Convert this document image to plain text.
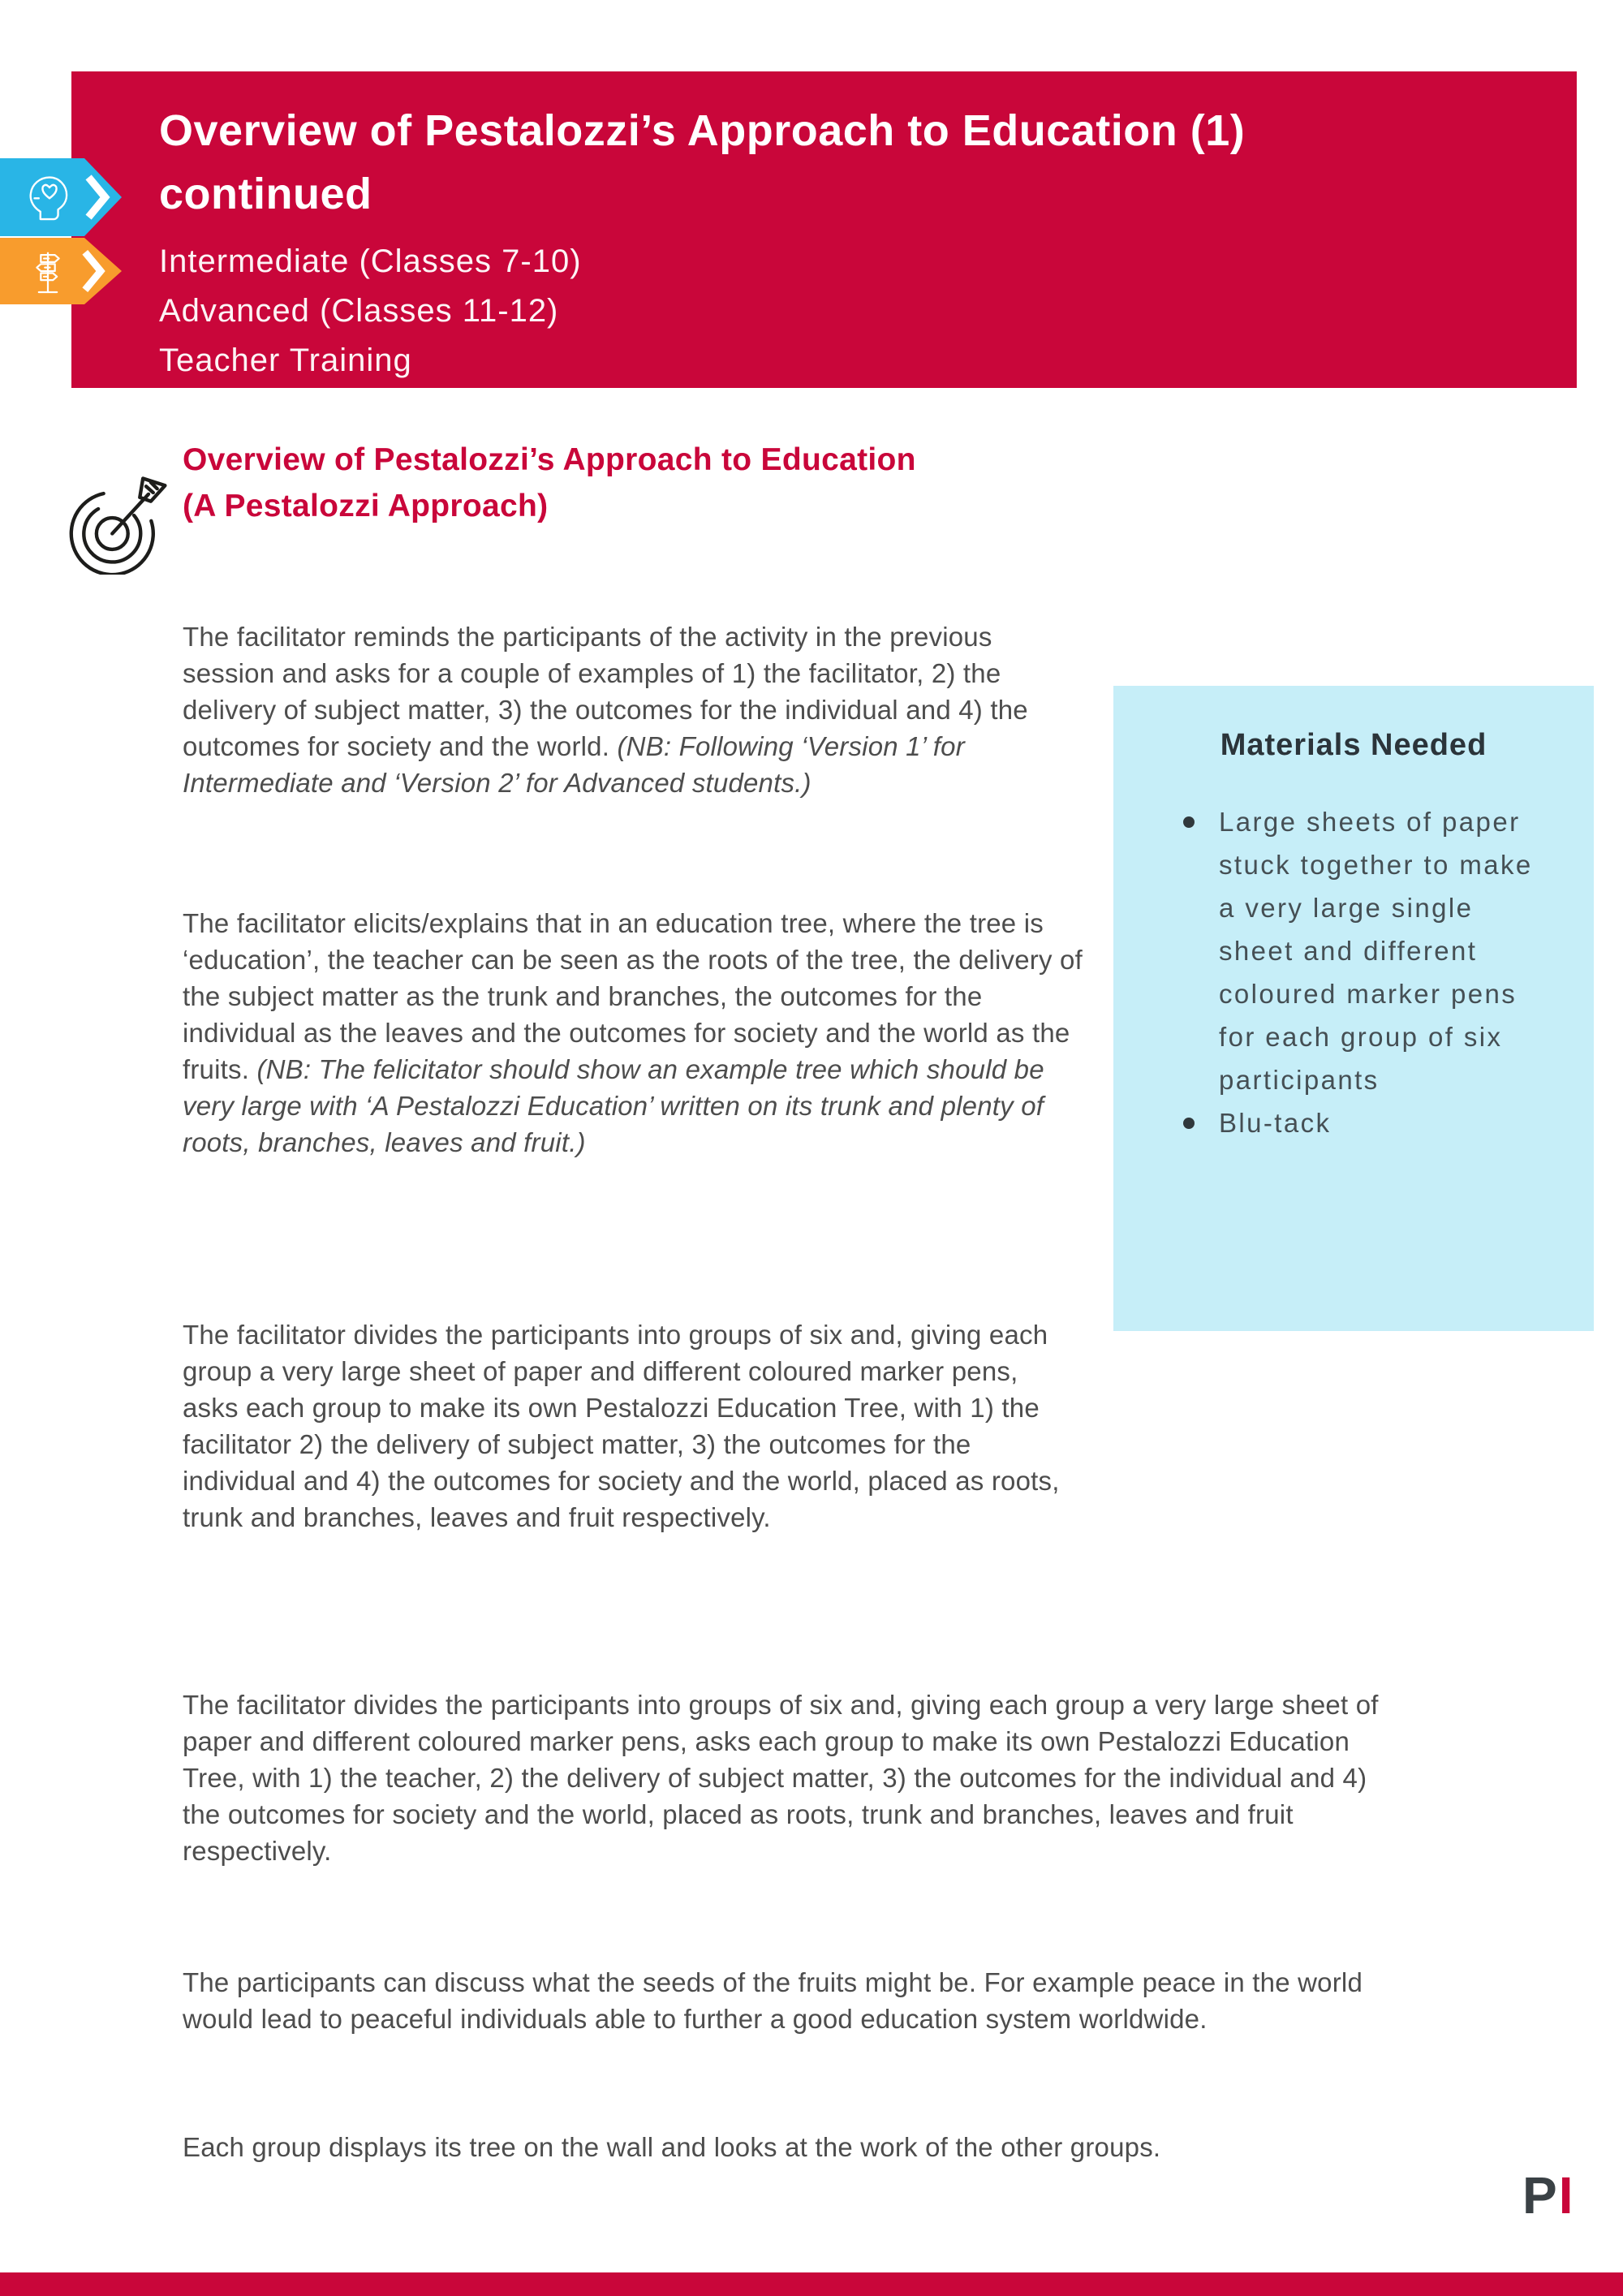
Overview of Pestalozzi’s Approach to Education (1)
continued
Intermediate (Classes 7-10)
Advanced (Classes 11-12)
Teacher Training
Overview of Pestalozzi’s Approach to Education
(A Pestalozzi Approach)
The facilitator reminds the participants of the activity in the previous session and asks for a couple of examples of 1) the facilitator, 2) the delivery of subject matter, 3) the outcomes for the individual and 4) the outcomes for society and the world. (NB: Following ‘Version 1’ for Intermediate and ‘Version 2’ for Advanced students.)
The facilitator elicits/explains that in an education tree, where the tree is ‘education’, the teacher can be seen as the roots of the tree, the delivery of the subject matter as the trunk and branches, the outcomes for the individual as the leaves and the outcomes for society and the world as the fruits. (NB: The felicitator should show an example tree which should be very large with ‘A Pestalozzi Education’ written on its trunk and plenty of roots, branches, leaves and fruit.)
The facilitator divides the participants into groups of six and, giving each group a very large sheet of paper and different coloured marker pens, asks each group to make its own Pestalozzi Education Tree, with 1) the facilitator 2) the delivery of subject matter, 3) the outcomes for the individual and 4) the outcomes for society and the world, placed as roots, trunk and branches, leaves and fruit respectively.
The facilitator divides the participants into groups of six and, giving each group a very large sheet of paper and different coloured marker pens, asks each group to make its own Pestalozzi Education Tree, with 1) the teacher, 2) the delivery of subject matter, 3) the outcomes for the individual and 4) the outcomes for society and the world, placed as roots, trunk and branches, leaves and fruit respectively.
The participants can discuss what the seeds of the fruits might be. For example peace in the world would lead to peaceful individuals able to further a good education system worldwide.
Each group displays its tree on the wall and looks at the work of the other groups.
Materials Needed
Large sheets of paper stuck together to make a very large single sheet and different coloured marker pens for each group of six participants
Blu-tack
PI
